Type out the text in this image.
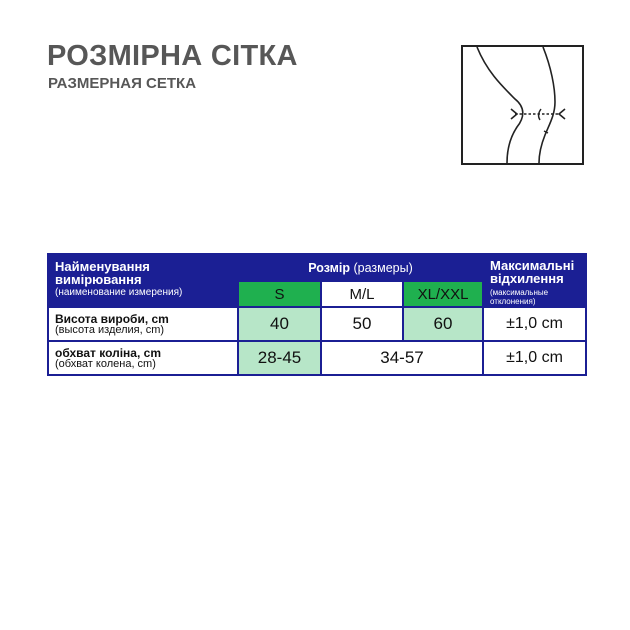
РОЗМІРНА СІТКА
РАЗМЕРНАЯ СЕТКА
Найменування вимірювання
(наименование измерения)
	Розмір (размеры)	Максимальні відхилення
(максимальные отклонения)

	S	M/L	XL/XXL	

Висота вироби, cm
(высота изделия, cm)	40	50	60	±1,0 cm

обхват коліна, cm
(обхват колена, cm)	28-45	34-57		±1,0 cm
